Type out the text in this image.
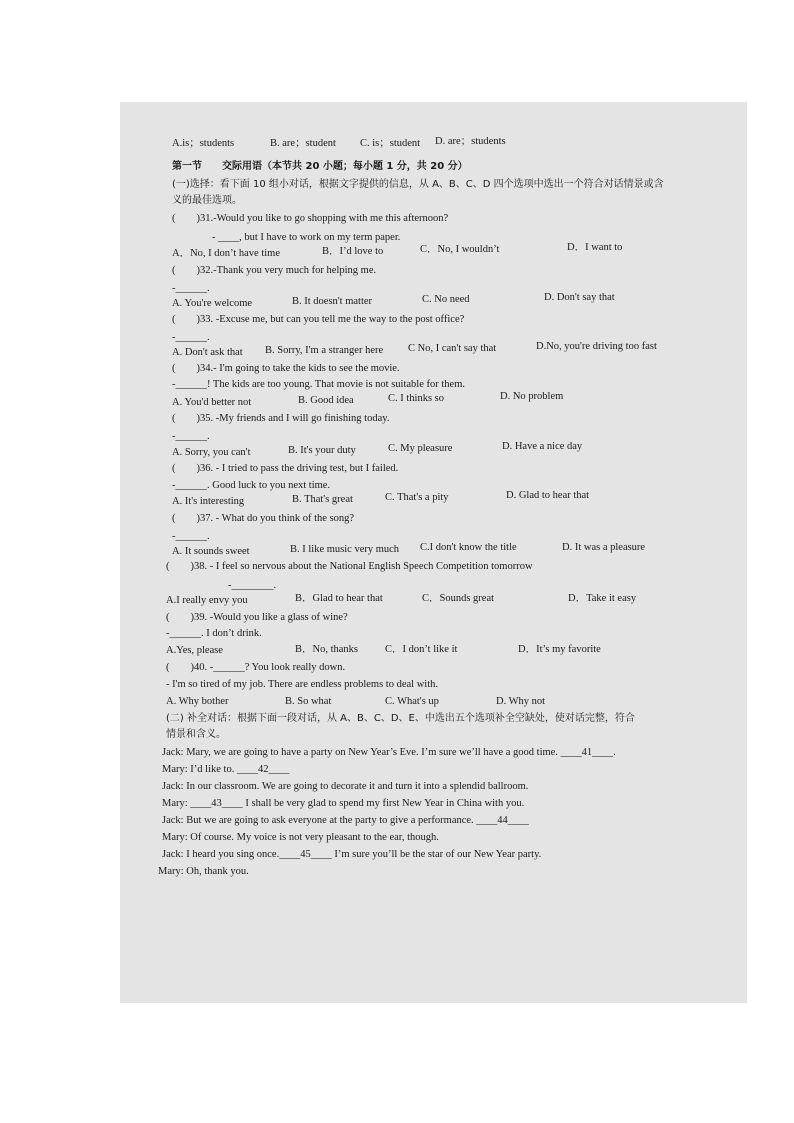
A.is；students	B. are；student C. is；student D. are；students
第一节　　交际用语（本节共 20 小题；每小题 1 分，共 20 分）
(一)选择：看下面 10 组小对话，根据文字提供的信息，从 A、B、C、D 四个选项中选出一个符合对话情景或含
义的最佳选项。
(　　)31.-Would you like to go shopping with me this afternoon?
- ____, but I have to work on my term paper.
A．No, I don’t have time	B．I’d love to	C．No, I wouldn’t	D．I want to
(　　)32.-Thank you very much for helping me.
-______.
A. You're welcome	B. It doesn't matter	C. No need	D. Don't say that
(　　)33. -Excuse me, but can you tell me the way to the post office?
-______.
A. Don't ask that B. Sorry, I'm a stranger here C No, I can't say that	D.No, you're driving too fast
(　　)34.- I'm going to take the kids to see the movie.
-______! The kids are too young. That movie is not suitable for them.
A. You'd better not	B. Good idea	C. I thinks so	D. No problem
(　　)35. -My friends and I will go finishing today.
-______.
A. Sorry, you can't	B. It's your duty	C. My pleasure	D. Have a nice day
(　　)36. - I tried to pass the driving test, but I failed.
-______. Good luck to you next time.
A. It's interesting	B. That's great	C. That's a pity	D. Glad to hear that
(　　)37. - What do you think of the song?
-______.
A. It sounds sweet	B. I like music very much C.I don't know the title	D. It was a pleasure
(　　)38. - I feel so nervous about the National English Speech Competition tomorrow
-________.
A.I really envy you	B．Glad to hear that	C．Sounds great	D．Take it easy
(　　)39. -Would you like a glass of wine?
-______. I don’t drink.
A.Yes, please	B．No, thanks	C．I don’t like it	D．It’s my favorite
(　　)40. -______? You look really down.
- I'm so tired of my job. There are endless problems to deal with.
A. Why bother	B. So what	C. What's up	D. Why not
(二) 补全对话：根据下面一段对话，从 A、B、C、D、E、中选出五个选项补全空缺处，使对话完整，符合
情景和含义。
Jack: Mary, we are going to have a party on New Year’s Eve. I’m sure we’ll have a good time. ____41____.
Mary: I’d like to. ____42____
Jack: In our classroom. We are going to decorate it and turn it into a splendid ballroom.
Mary: ____43____ I shall be very glad to spend my first New Year in China with you.
Jack: But we are going to ask everyone at the party to give a performance. ____44____
Mary: Of course. My voice is not very pleasant to the ear, though.
Jack: I heard you sing once.____45____ I’m sure you’ll be the star of our New Year party.
Mary: Oh, thank you.
